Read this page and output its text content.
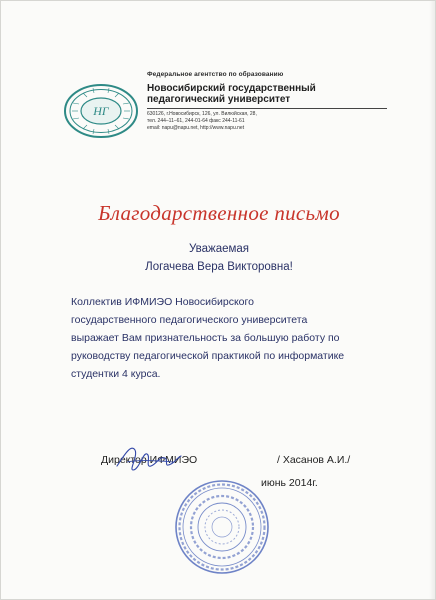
НГ
Федеральное агентство по образованию
Новосибирский государственный
педагогический университет
630126, г.Новосибирск, 126, ул. Вилюйская, 28,
тел. 244–11–61, 244-01-64 факс 244-11-61
email: napu@napu.net, http://www.napu.net
Благодарственное письмо
Уважаемая
Логачева Вера Викторовна!

Коллектив ИФМИЭО Новосибирского

государственного педагогического университета

выражает Вам признательность за большую работу по

руководству педагогической практикой по информатике

студентки 4 курса.

Директор ИФМИЭО	/ Хасанов А.И./
июнь 2014г.
